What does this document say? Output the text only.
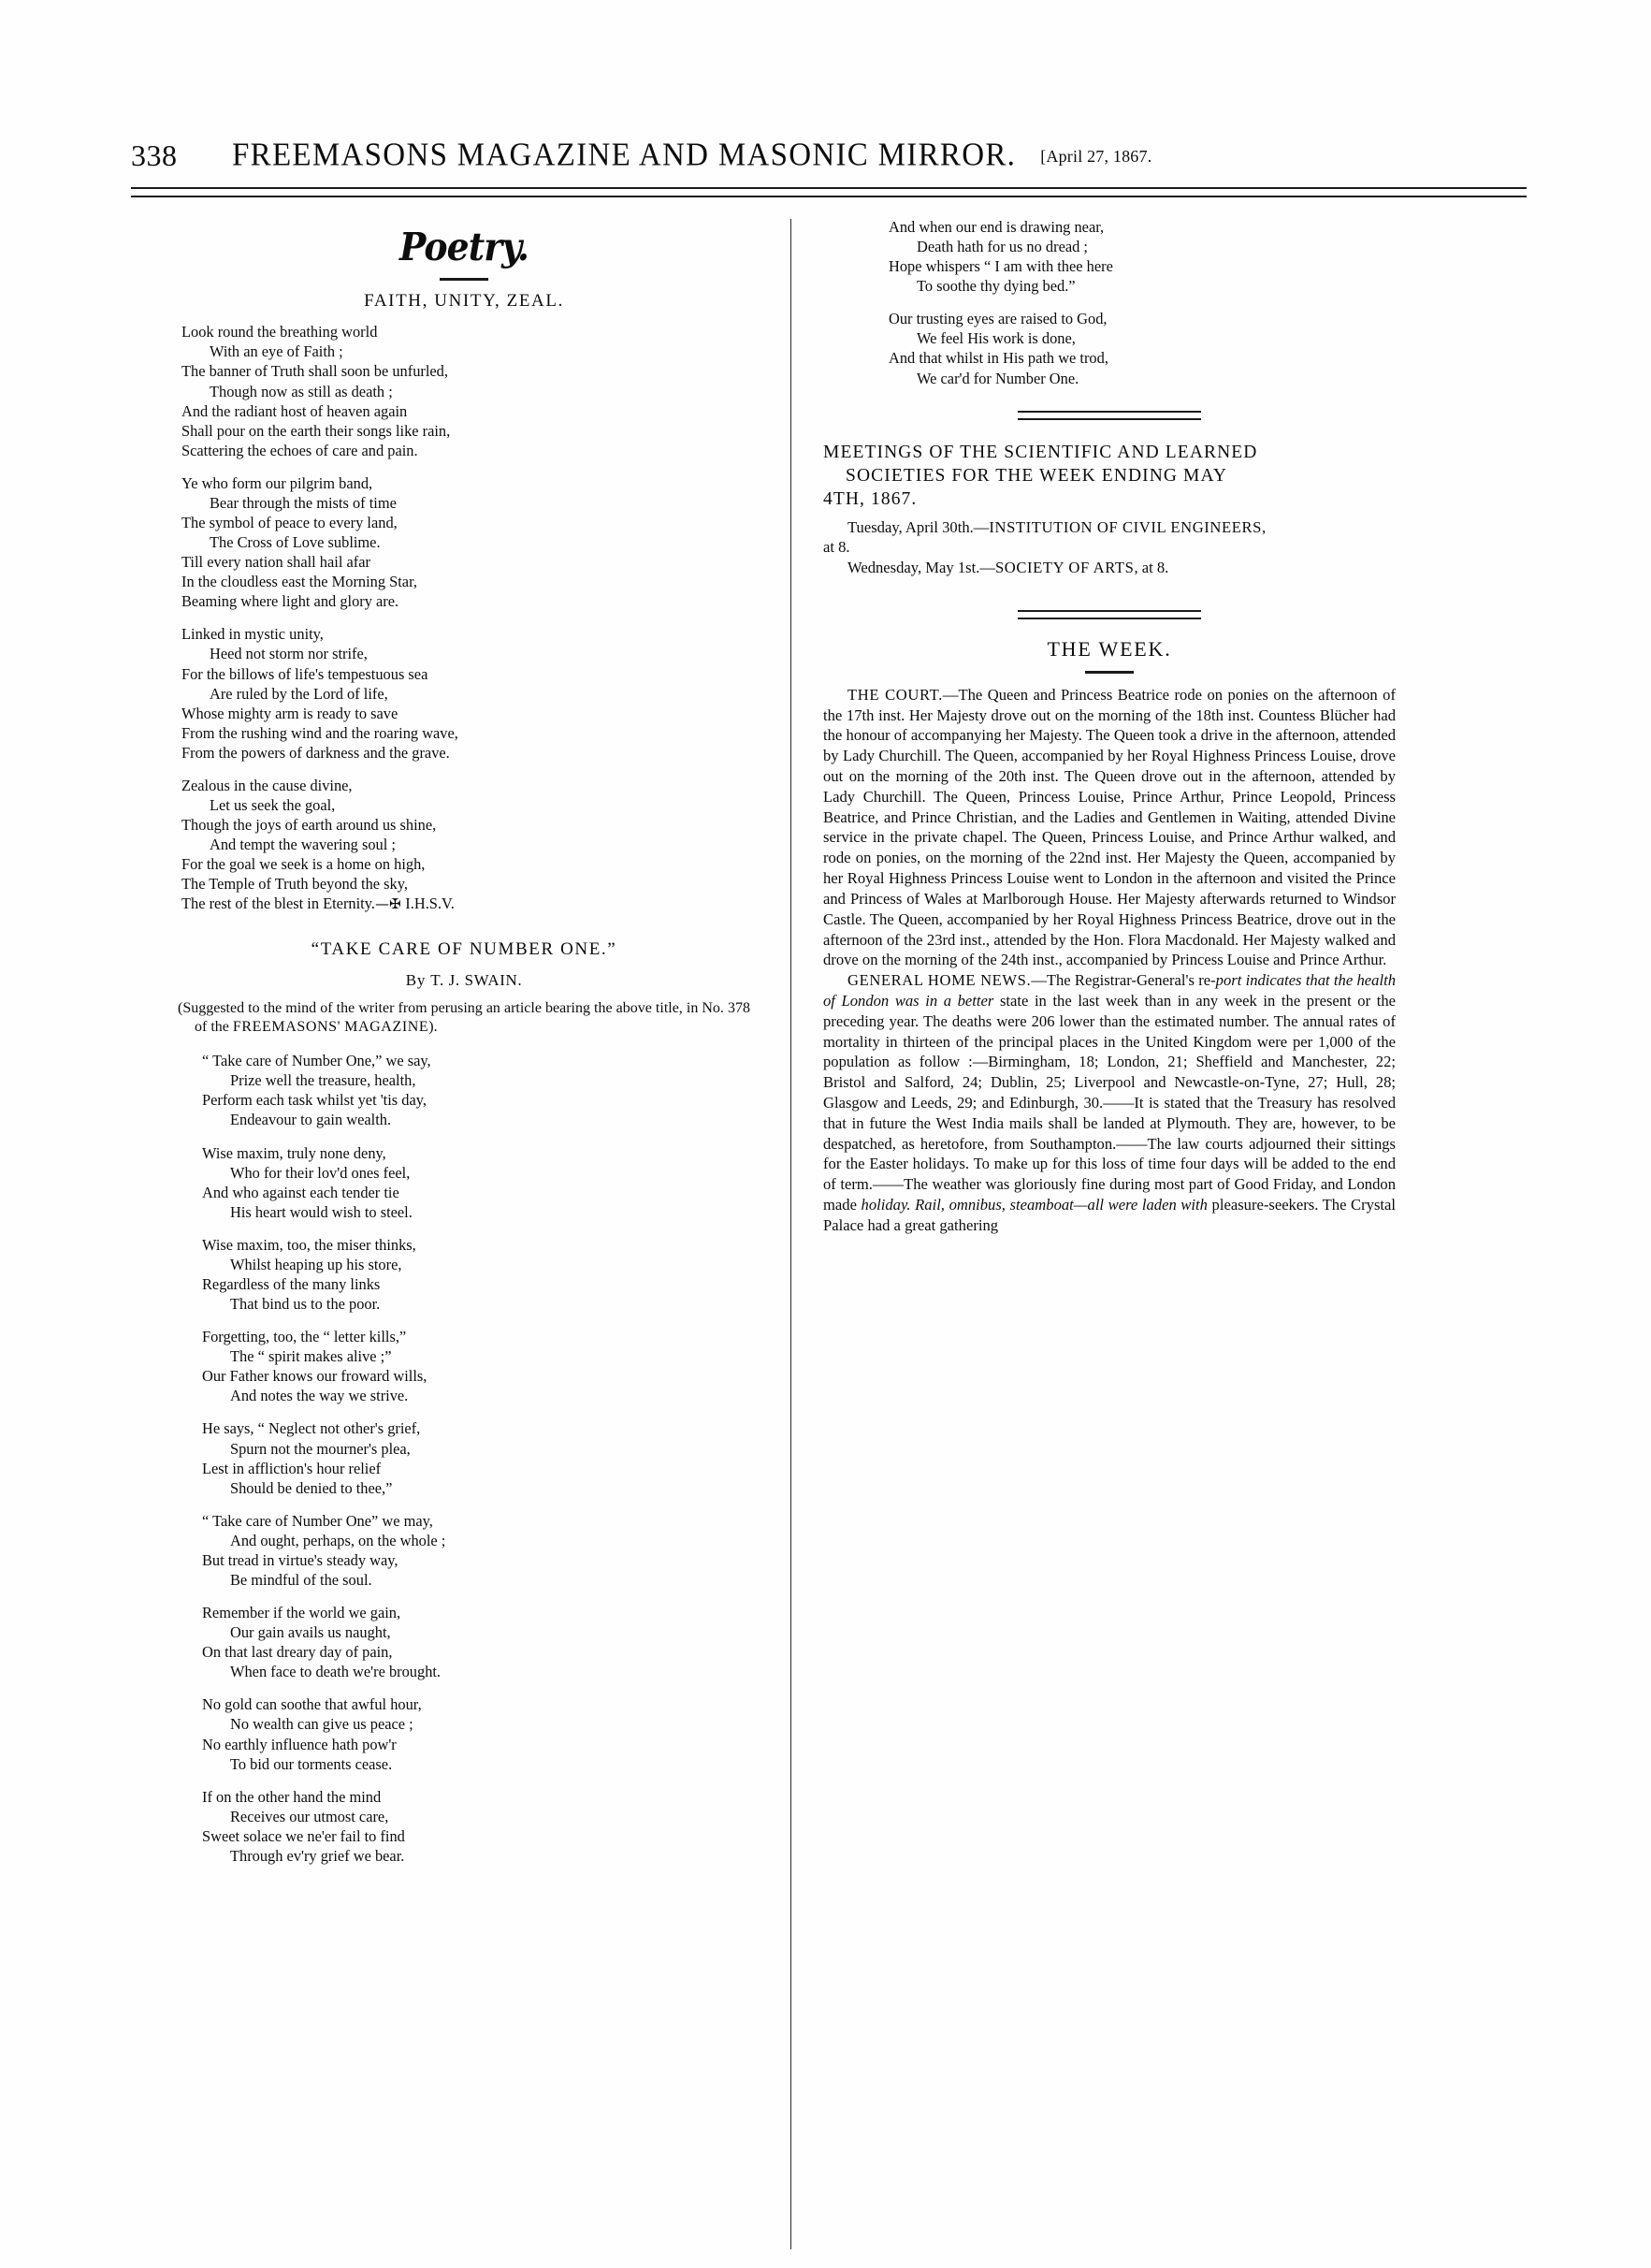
338	FREEMASONS MAGAZINE AND MASONIC MIRROR. [April 27, 1867.
Poetry.
FAITH, UNITY, ZEAL.
Look round the breathing world
With an eye of Faith ;
The banner of Truth shall soon be unfurled,
Though now as still as death ;
And the radiant host of heaven again
Shall pour on the earth their songs like rain,
Scattering the echoes of care and pain.
Ye who form our pilgrim band,
Bear through the mists of time
The symbol of peace to every land,
The Cross of Love sublime.
Till every nation shall hail afar
In the cloudless east the Morning Star,
Beaming where light and glory are.
Linked in mystic unity,
Heed not storm nor strife,
For the billows of life's tempestuous sea
Are ruled by the Lord of life,
Whose mighty arm is ready to save
From the rushing wind and the roaring wave,
From the powers of darkness and the grave.
Zealous in the cause divine,
Let us seek the goal,
Though the joys of earth around us shine,
And tempt the wavering soul ;
For the goal we seek is a home on high,
The Temple of Truth beyond the sky,
The rest of the blest in Eternity.—✠ I.H.S.V.
“TAKE CARE OF NUMBER ONE.”
By T. J. SWAIN.
(Suggested to the mind of the writer from perusing an article bearing the above title, in No. 378 of the FREEMASONS' MAGAZINE).
“ Take care of Number One,” we say,
Prize well the treasure, health,
Perform each task whilst yet 'tis day,
Endeavour to gain wealth.
Wise maxim, truly none deny,
Who for their lov'd ones feel,
And who against each tender tie
His heart would wish to steel.
Wise maxim, too, the miser thinks,
Whilst heaping up his store,
Regardless of the many links
That bind us to the poor.
Forgetting, too, the “ letter kills,”
The “ spirit makes alive ;”
Our Father knows our froward wills,
And notes the way we strive.
He says, “ Neglect not other's grief,
Spurn not the mourner's plea,
Lest in affliction's hour relief
Should be denied to thee,”
“ Take care of Number One” we may,
And ought, perhaps, on the whole ;
But tread in virtue's steady way,
Be mindful of the soul.
Remember if the world we gain,
Our gain avails us naught,
On that last dreary day of pain,
When face to death we're brought.
No gold can soothe that awful hour,
No wealth can give us peace ;
No earthly influence hath pow'r
To bid our torments cease.
If on the other hand the mind
Receives our utmost care,
Sweet solace we ne'er fail to find
Through ev'ry grief we bear.
And when our end is drawing near,
Death hath for us no dread ;
Hope whispers “ I am with thee here
To soothe thy dying bed.”
Our trusting eyes are raised to God,
We feel His work is done,
And that whilst in His path we trod,
We car'd for Number One.
MEETINGS OF THE SCIENTIFIC AND LEARNED
SOCIETIES FOR THE WEEK ENDING MAY
4TH, 1867.

Tuesday, April 30th.—INSTITUTION OF CIVIL ENGINEERS,
at 8.

Wednesday, May 1st.—SOCIETY OF ARTS, at 8.

THE WEEK.

THE COURT.—The Queen and Princess Beatrice rode on ponies on the afternoon of the 17th inst. Her Majesty drove out on the morning of the 18th inst. Countess Blücher had the honour of accompanying her Majesty. The Queen took a drive in the afternoon, attended by Lady Churchill. The Queen, accompanied by her Royal Highness Princess Louise, drove out on the morning of the 20th inst. The Queen drove out in the afternoon, attended by Lady Churchill. The Queen, Princess Louise, Prince Arthur, Prince Leopold, Princess Beatrice, and Prince Christian, and the Ladies and Gentlemen in Waiting, attended Divine service in the private chapel. The Queen, Princess Louise, and Prince Arthur walked, and rode on ponies, on the morning of the 22nd inst. Her Majesty the Queen, accompanied by her Royal Highness Princess Louise went to London in the afternoon and visited the Prince and Princess of Wales at Marlborough House. Her Majesty afterwards returned to Windsor Castle. The Queen, accompanied by her Royal Highness Princess Beatrice, drove out in the afternoon of the 23rd inst., attended by the Hon. Flora Macdonald. Her Majesty walked and drove on the morning of the 24th inst., accompanied by Princess Louise and Prince Arthur.

GENERAL HOME NEWS.—The Registrar-General's re-port indicates that the health of London was in a better state in the last week than in any week in the present or the preceding year. The deaths were 206 lower than the estimated number. The annual rates of mortality in thirteen of the principal places in the United Kingdom were per 1,000 of the population as follow :—Birmingham, 18; London, 21; Sheffield and Manchester, 22; Bristol and Salford, 24; Dublin, 25; Liverpool and Newcastle-on-Tyne, 27; Hull, 28; Glasgow and Leeds, 29; and Edinburgh, 30.——It is stated that the Treasury has resolved that in future the West India mails shall be landed at Plymouth. They are, however, to be despatched, as heretofore, from Southampton.——The law courts adjourned their sittings for the Easter holidays. To make up for this loss of time four days will be added to the end of term.——The weather was gloriously fine during most part of Good Friday, and London made holiday. Rail, omnibus, steamboat—all were laden with pleasure-seekers. The Crystal Palace had a great gathering
